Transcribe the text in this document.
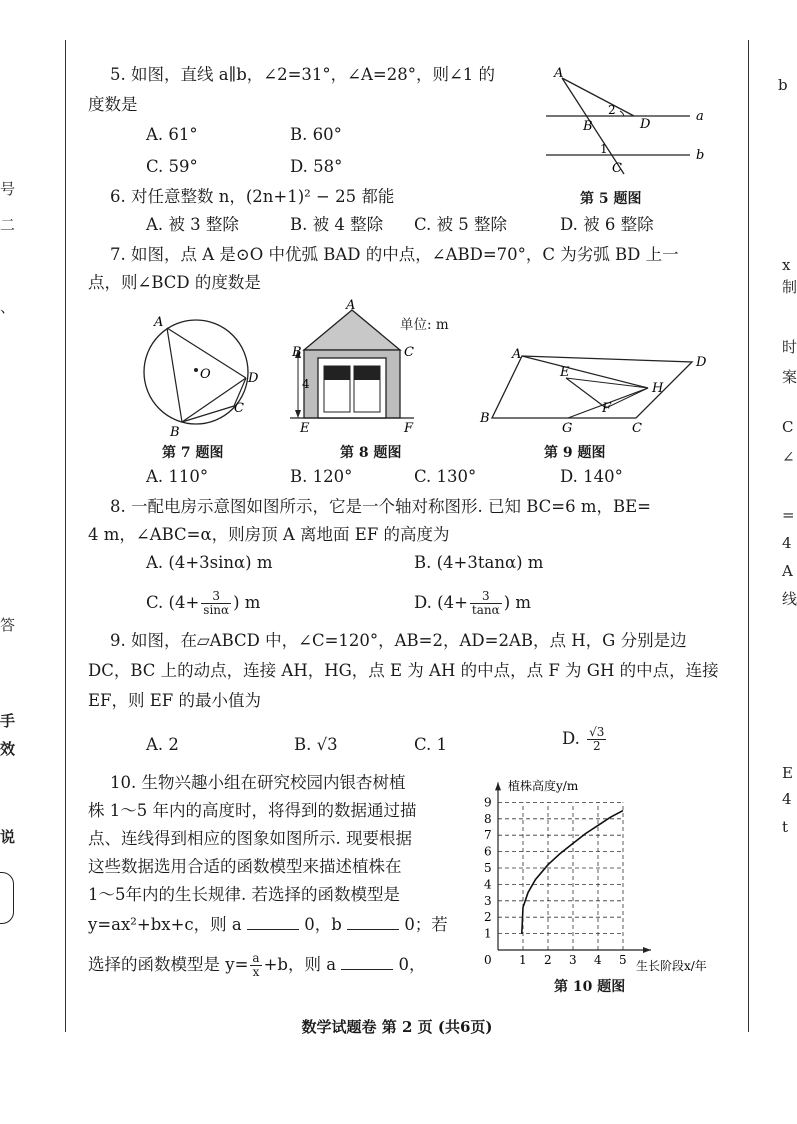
号
二
、
答
手
效
说
b
x
制
时
案
C
∠
=
4
A
线
E
4
t
5. 如图，直线 a∥b，∠2=31°，∠A=28°，则∠1 的
度数是
A. 61°	B. 60°
C. 59°	D. 58°
A
B	D
C
2
1
a
b
第 5 题图
6. 对任意整数 n，(2n+1)² − 25 都能
A. 被 3 整除	B. 被 4 整除 C. 被 5 整除	D. 被 6 整除
7. 如图，点 A 是⊙O 中优弧 BAD 的中点，∠ABD=70°，C 为劣弧 BD 上一
点，则∠BCD 的度数是
A
O	D
C
B
第 7 题图
A
B	C
4
E	F
单位: m
第 8 题图
A
D
E
H
F
B
G	C
第 9 题图
A. 110°	B. 120°	C. 130°	D. 140°
8. 一配电房示意图如图所示，它是一个轴对称图形. 已知 BC=6 m，BE=
4 m，∠ABC=α，则房顶 A 离地面 EF 的高度为
A. (4+3sinα) m	B. (4+3tanα) m
C. ($4+ \frac{3}{\sin\alpha}$ ) m	D. ($4+ \frac{3}{\tan\alpha}$ ) m
9. 如图，在▱ABCD 中，∠C=120°，AB=2，AD=2AB，点 H，G 分别是边
DC，BC 上的动点，连接 AH，HG，点 E 为 AH 的中点，点 F 为 GH 的中点，连接
EF，则 EF 的最小值为
A. 2	B. √3	C. 1	D. $\frac{√3}{2}$
10. 生物兴趣小组在研究校园内银杏树植
株 1～5 年内的高度时，将得到的数据通过描
点、连线得到相应的图象如图所示. 现要根据
这些数据选用合适的函数模型来描述植株在
1～5年内的生长规律. 若选择的函数模型是
y=ax²+bx+c，则 a	0，b	0；若
选择的函数模型是 $y= \frac{a}{x} +b$，则 a	0，	0 1 2 3 4 5
1
2
3
4
5
6
7
8
9
植株高度y/m
生长阶段x/年
第 10 题图
数学试题卷 第 2 页 (共6页)
